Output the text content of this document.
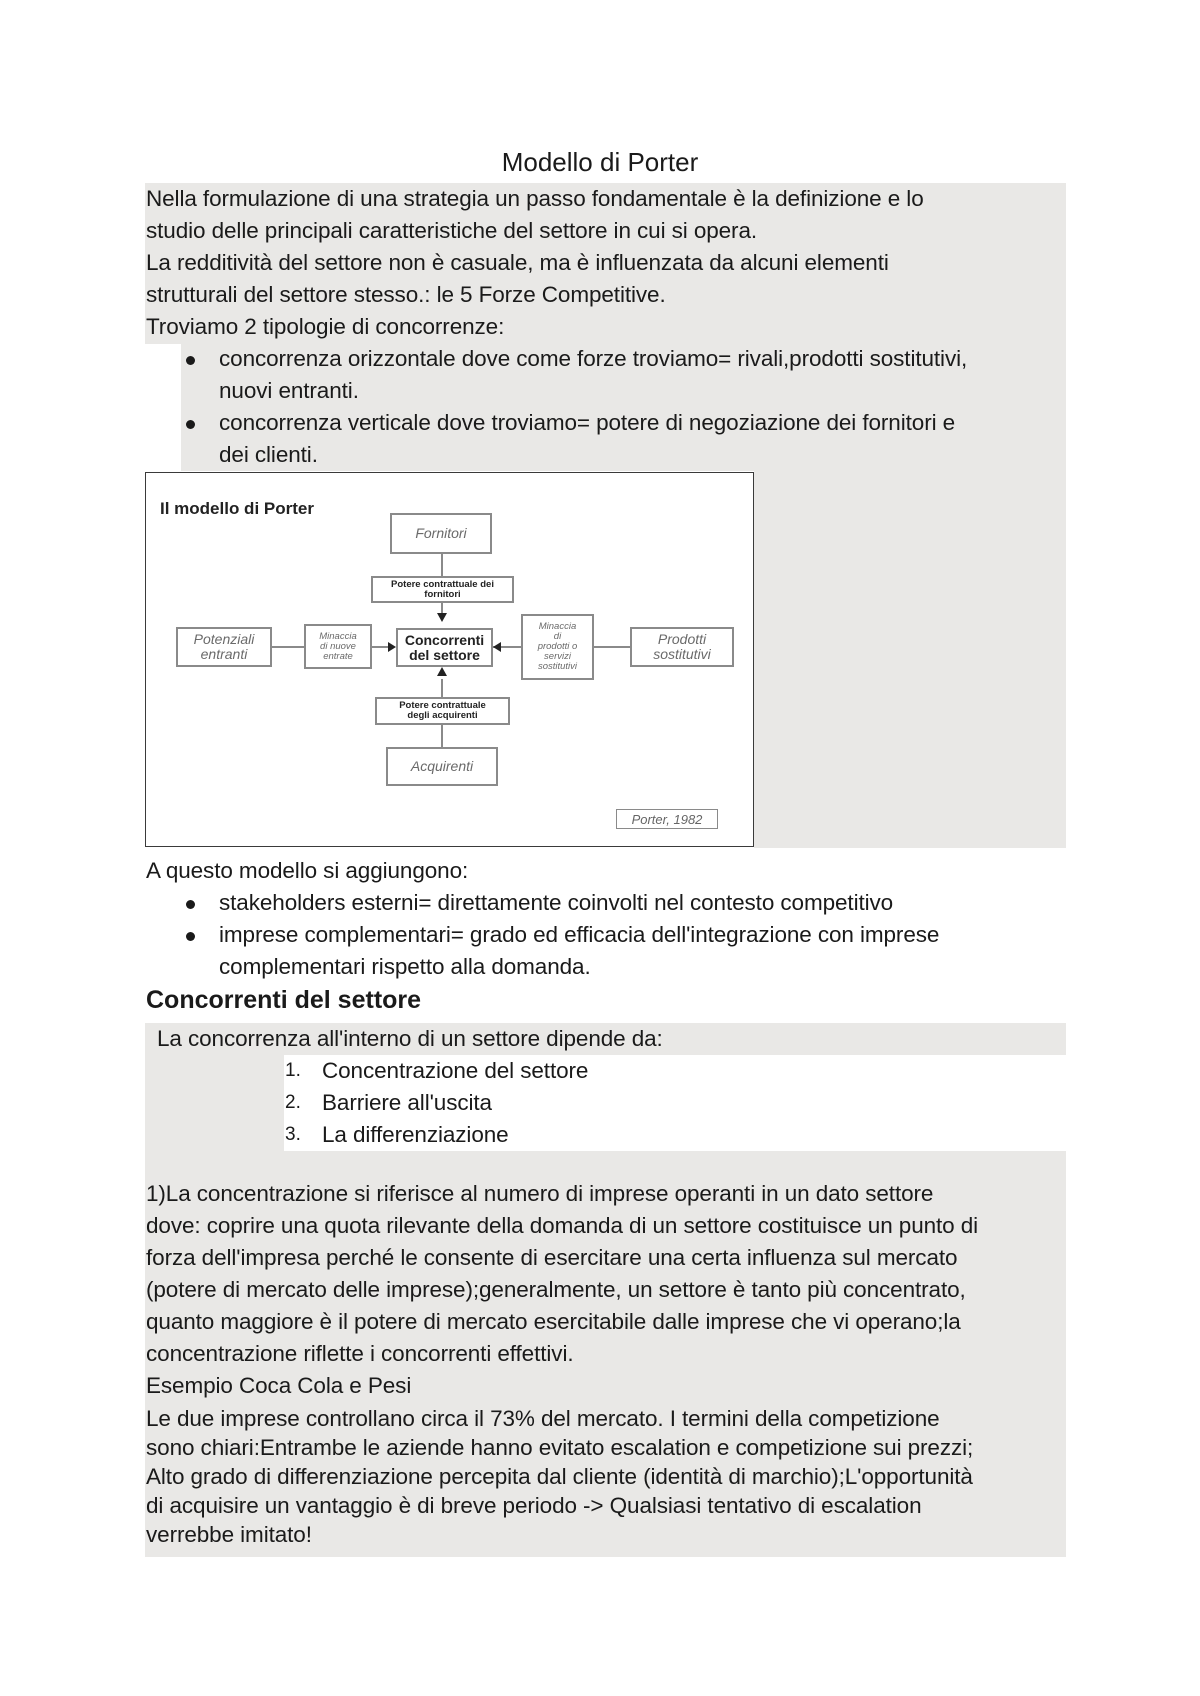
Modello di Porter
Nella formulazione di una strategia un passo fondamentale è la definizione e lo
studio delle principali caratteristiche del settore in cui si opera.
La redditività del settore non è casuale, ma è influenzata da alcuni elementi
strutturali del settore stesso.: le 5 Forze Competitive.
Troviamo 2 tipologie di concorrenze:
concorrenza orizzontale dove come forze troviamo= rivali,prodotti sostitutivi,
nuovi entranti.
concorrenza verticale dove troviamo= potere di negoziazione dei fornitori e
dei clienti.
Il modello di Porter
Fornitori
Potere contrattuale dei
fornitori
Potenziali
entranti
Minaccia
di nuove
entrate
Concorrenti
del settore
Minaccia
di
prodotti o
servizi
sostitutivi
Prodotti
sostitutivi
Potere contrattuale
degli acquirenti
Acquirenti
Porter, 1982
A questo modello si aggiungono:
stakeholders esterni= direttamente coinvolti nel contesto competitivo
imprese complementari= grado ed efficacia dell'integrazione con imprese
complementari rispetto alla domanda.
Concorrenti del settore
La concorrenza all'interno di un settore dipende da:
1. Concentrazione del settore
2. Barriere all'uscita
3. La differenziazione
1)La concentrazione si riferisce al numero di imprese operanti in un dato settore
dove: coprire una quota rilevante della domanda di un settore costituisce un punto di
forza dell'impresa perché le consente di esercitare una certa influenza sul mercato
(potere di mercato delle imprese);generalmente, un settore è tanto più concentrato,
quanto maggiore è il potere di mercato esercitabile dalle imprese che vi operano;la
concentrazione riflette i concorrenti effettivi.
Esempio Coca Cola e Pesi
Le due imprese controllano circa il 73% del mercato. I termini della competizione
sono chiari:Entrambe le aziende hanno evitato escalation e competizione sui prezzi;
Alto grado di differenziazione percepita dal cliente (identità di marchio);L'opportunità
di acquisire un vantaggio è di breve periodo -> Qualsiasi tentativo di escalation
verrebbe imitato!
